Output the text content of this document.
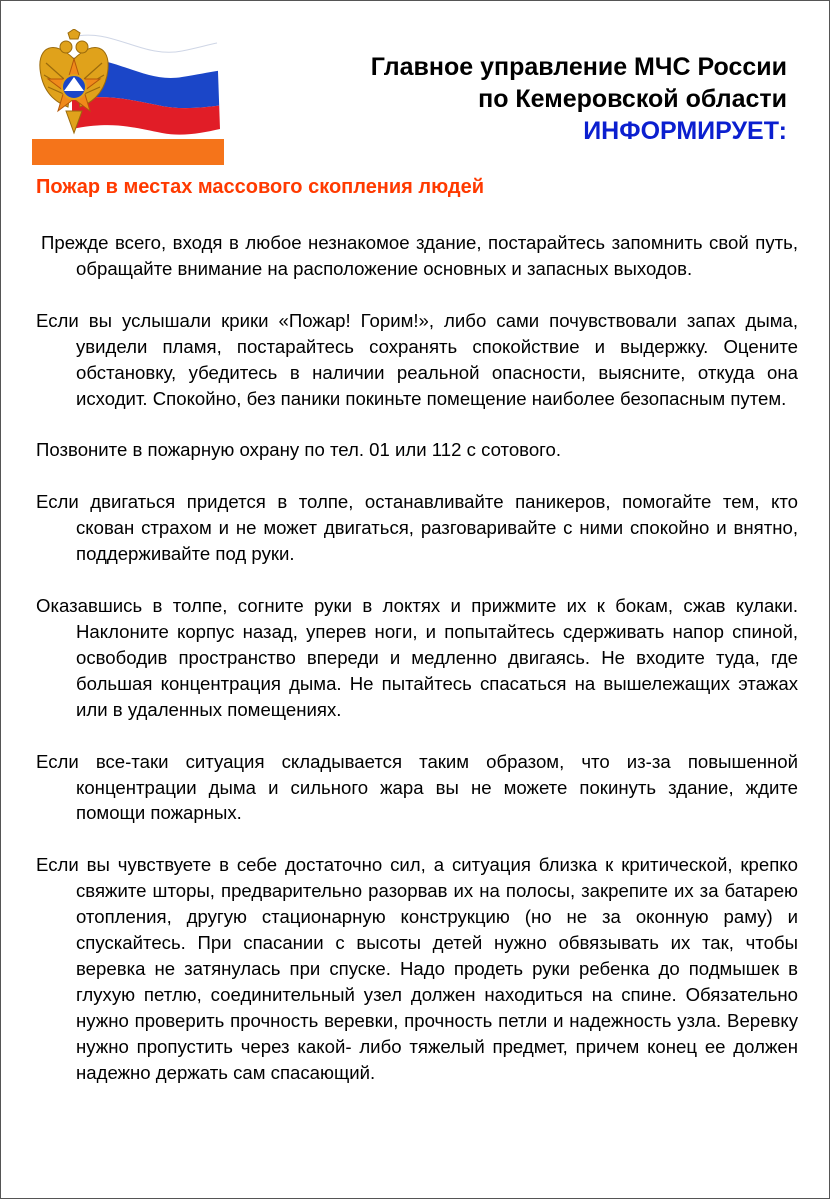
Главное управление МЧС России
по Кемеровской области
ИНФОРМИРУЕТ:
Пожар в местах массового скопления людей

Прежде всего, входя в любое незнакомое здание, постарайтесь запомнить свой путь, обращайте внимание на расположение основных и запасных выходов.

Если вы услышали крики «Пожар! Горим!», либо сами почувствовали запах дыма, увидели пламя, постарайтесь сохранять спокойствие и выдержку. Оцените обстановку, убедитесь в наличии реальной опасности, выясните, откуда она исходит. Спокойно, без паники покиньте помещение наиболее безопасным путем.

Позвоните в пожарную охрану по тел. 01 или 112 с сотового.

Если двигаться придется в толпе, останавливайте паникеров, помогайте тем, кто скован страхом и не может двигаться, разговаривайте с ними спокойно и внятно, поддерживайте под руки.

Оказавшись в толпе, согните руки в локтях и прижмите их к бокам, сжав кулаки. Наклоните корпус назад, уперев ноги, и попытайтесь сдерживать напор спиной, освободив пространство впереди и медленно двигаясь. Не входите туда, где большая концентрация дыма. Не пытайтесь спасаться на вышележащих этажах или в удаленных помещениях.

Если все-таки ситуация складывается таким образом, что из-за повышенной концентрации дыма и сильного жара вы не можете покинуть здание, ждите помощи пожарных.

Если вы чувствуете в себе достаточно сил, а ситуация близка к критической, крепко свяжите шторы, предварительно разорвав их на полосы, закрепите их за батарею отопления, другую стационарную конструкцию (но не за оконную раму) и спускайтесь. При спасании с высоты детей нужно обвязывать их так, чтобы веревка не затянулась при спуске. Надо продеть руки ребенка до подмышек в глухую петлю, соединительный узел должен находиться на спине. Обязательно нужно проверить прочность веревки, прочность петли и надежность узла. Веревку нужно пропустить через какой- либо тяжелый предмет, причем конец ее должен надежно держать сам спасающий.
